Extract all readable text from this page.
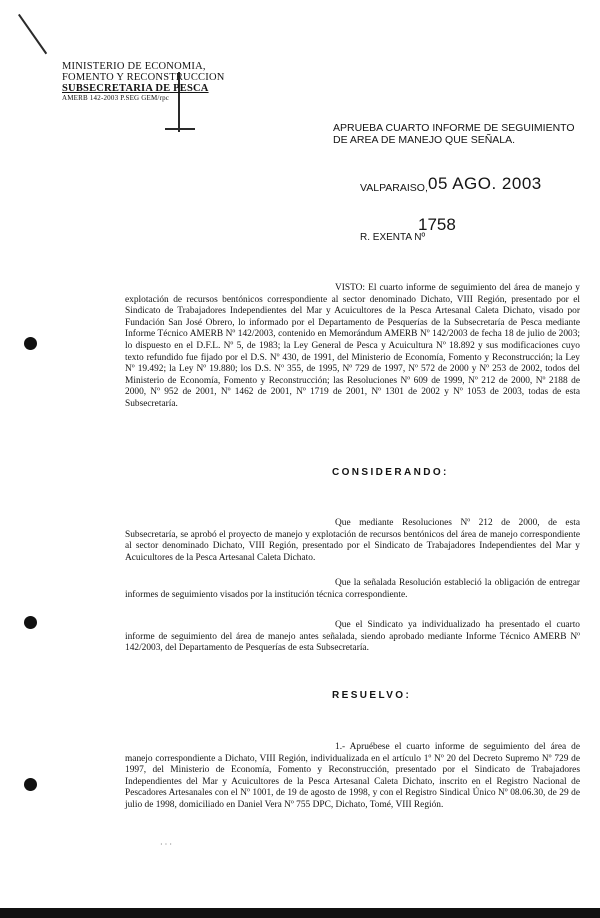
MINISTERIO DE ECONOMIA,
FOMENTO Y RECONSTRUCCION
SUBSECRETARIA DE PESCA
AMERB 142-2003 P.SEG GEM/rpc
APRUEBA CUARTO INFORME DE SEGUIMIENTO
DE AREA DE MANEJO QUE SEÑALA.
VALPARAISO, 05 AGO. 2003
R. EXENTA Nº
1758
VISTO: El cuarto informe de seguimiento del área de manejo y explotación de recursos bentónicos correspondiente al sector denominado Dichato, VIII Región, presentado por el Sindicato de Trabajadores Independientes del Mar y Acuicultores de la Pesca Artesanal Caleta Dichato, visado por Fundación San José Obrero, lo informado por el Departamento de Pesquerías de la Subsecretaría de Pesca mediante Informe Técnico AMERB Nº 142/2003, contenido en Memorándum AMERB Nº 142/2003 de fecha 18 de julio de 2003; lo dispuesto en el D.F.L. Nº 5, de 1983; la Ley General de Pesca y Acuicultura Nº 18.892 y sus modificaciones cuyo texto refundido fue fijado por el D.S. Nº 430, de 1991, del Ministerio de Economía, Fomento y Reconstrucción; la Ley Nº 19.492; la Ley Nº 19.880; los D.S. Nº 355, de 1995, Nº 729 de 1997, Nº 572 de 2000 y Nº 253 de 2002, todos del Ministerio de Economía, Fomento y Reconstrucción; las Resoluciones Nº 609 de 1999, Nº 212 de 2000, Nº 2188 de 2000, Nº 952 de 2001, Nº 1462 de 2001, Nº 1719 de 2001, Nº 1301 de 2002 y Nº 1053 de 2003, todas de esta Subsecretaría.
CONSIDERANDO:
Que mediante Resoluciones Nº 212 de 2000, de esta Subsecretaría, se aprobó el proyecto de manejo y explotación de recursos bentónicos del área de manejo correspondiente al sector denominado Dichato, VIII Región, presentado por el Sindicato de Trabajadores Independientes del Mar y Acuicultores de la Pesca Artesanal Caleta Dichato.
Que la señalada Resolución estableció la obligación de entregar informes de seguimiento visados por la institución técnica correspondiente.
Que el Sindicato ya individualizado ha presentado el cuarto informe de seguimiento del área de manejo antes señalada, siendo aprobado mediante Informe Técnico AMERB Nº 142/2003, del Departamento de Pesquerías de esta Subsecretaría.
RESUELVO:
1.- Apruébese el cuarto informe de seguimiento del área de manejo correspondiente a Dichato, VIII Región, individualizada en el artículo 1º Nº 20 del Decreto Supremo Nº 729 de 1997, del Ministerio de Economía, Fomento y Reconstrucción, presentado por el Sindicato de Trabajadores Independientes del Mar y Acuicultores de la Pesca Artesanal Caleta Dichato, inscrito en el Registro Nacional de Pescadores Artesanales con el Nº 1001, de 19 de agosto de 1998, y con el Registro Sindical Único Nº 08.06.30, de 29 de julio de 1998, domiciliado en Daniel Vera Nº 755 DPC, Dichato, Tomé, VIII Región.
· · ·
